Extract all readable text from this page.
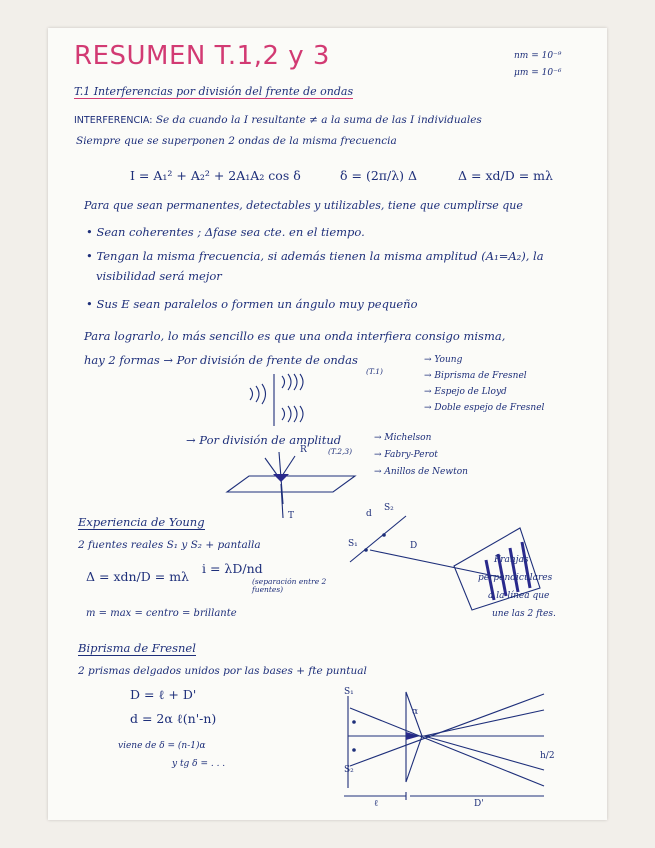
RESUMEN T.1,2 y 3	nm = 10⁻⁹
μm = 10⁻⁶
T.1 Interferencias por división del frente de ondas
INTERFERENCIA: Se da cuando la I resultante ≠ a la suma de las I individuales
Siempre que se superponen 2 ondas de la misma frecuencia
I = A₁² + A₂² + 2A₁A₂ cos δ	δ = (2π/λ) Δ	Δ = xd/D = mλ
Para que sean permanentes, detectables y utilizables, tiene que cumplirse que
• Sean coherentes ; Δfase sea cte. en el tiempo.
• Tengan la misma frecuencia, si además tienen la misma amplitud (A₁=A₂), la
visibilidad será mejor
• Sus E sean paralelos o formen un ángulo muy pequeño
Para lograrlo, lo más sencillo es que una onda interfiera consigo misma,
hay 2 formas → Por división de frente de ondas
(T.1)
→ Young
→ Biprisma de Fresnel
→ Espejo de Lloyd
→ Doble espejo de Fresnel
→ Por división de amplitud
(T.2,3)
→ Michelson
→ Fabry-Perot
→ Anillos de Newton
R
T
Experiencia de Young
2 fuentes reales S₁ y S₂ + pantalla
Δ = xdn/D = mλ
i = λD/nd
(separación entre 2 fuentes)
m = max = centro = brillante
d
S₂
S₁	D
Franjas
perpendiculares
a la línea que
une las 2 ftes.
Biprisma de Fresnel
2 prismas delgados unidos por las bases + fte puntual
D = ℓ + D'
d = 2α ℓ(n'-n)
viene de δ = (n-1)α
y tg δ = . . .
S₁
S₂
α
h/2
ℓ	D'
